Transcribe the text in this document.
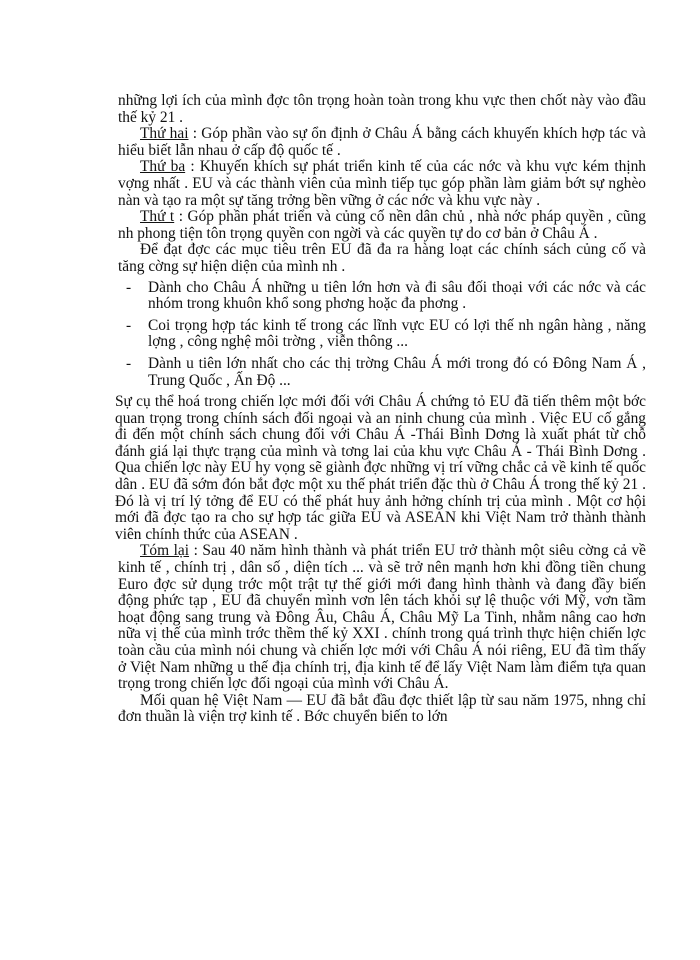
những lợi ích của mình đợc tôn trọng hoàn toàn trong khu vực then chốt này vào đầu thế kỷ 21 .

Thứ hai : Góp phần vào sự ổn định ở Châu Á bằng cách khuyến khích hợp tác và hiểu biết lẫn nhau ở cấp độ quốc tế .

Thứ ba : Khuyến khích sự phát triển kinh tế của các nớc và khu vực kém thịnh vợng nhất . EU và các thành viên của mình tiếp tục góp phần làm giảm bớt sự nghèo nàn và tạo ra một sự tăng trởng bền vững ở các nớc và khu vực này .

Thứ t : Góp phần phát triển và củng cố nền dân chủ , nhà nớc pháp quyền , cũng nh phong tiện tôn trọng quyền con ngời và các quyền tự do cơ bản ở Châu Á .

Để đạt đợc các mục tiêu trên EU đã đa ra hàng loạt các chính sách củng cố và tăng cờng sự hiện diện của mình nh .

- Dành cho Châu Á những u tiên lớn hơn và đi sâu đối thoại với các nớc và các nhóm trong khuôn khổ song phơng hoặc đa phơng .
- Coi trọng hợp tác kinh tế trong các lĩnh vực EU có lợi thế nh ngân hàng , năng lợng , công nghệ môi trờng , viễn thông ...
- Dành u tiên lớn nhất cho các thị trờng Châu Á mới trong đó có Đông Nam Á , Trung Quốc , Ấn Độ ...

Sự cụ thể hoá trong chiến lợc mới đối với Châu Á chứng tỏ EU đã tiến thêm một bớc quan trọng trong chính sách đối ngoại và an ninh chung của mình . Việc EU cố gắng đi đến một chính sách chung đối với Châu Á -Thái Bình Dơng là xuất phát từ chỗ đánh giá lại thực trạng của mình và tơng lai của khu vực Châu Á - Thái Bình Dơng . Qua chiến lợc này EU hy vọng sẽ giành đợc những vị trí vững chắc cả về kinh tế quốc dân . EU đã sớm đón bắt đợc một xu thế phát triển đặc thù ở Châu Á trong thế kỷ 21 . Đó là vị trí lý tởng để EU có thể phát huy ảnh hởng chính trị của mình . Một cơ hội mới đã đợc tạo ra cho sự hợp tác giữa EU và ASEAN khi Việt Nam trở thành thành viên chính thức của ASEAN .

Tóm lại : Sau 40 năm hình thành và phát triển EU trở thành một siêu cờng cả về kinh tế , chính trị , dân số , diện tích ... và sẽ trở nên mạnh hơn khi đồng tiền chung Euro đợc sử dụng trớc một trật tự thế giới mới đang hình thành và đang đầy biến động phức tạp , EU đã chuyển mình vơn lên tách khỏi sự lệ thuộc với Mỹ, vơn tầm hoạt động sang trung và Đông Âu, Châu Á, Châu Mỹ La Tinh, nhằm nâng cao hơn nữa vị thế của mình trớc thềm thế kỷ XXI . chính trong quá trình thực hiện chiến lợc toàn cầu của mình nói chung và chiến lợc mới với Châu Á nói riêng, EU đã tìm thấy ở Việt Nam những u thế địa chính trị, địa kinh tế để lấy Việt Nam làm điểm tựa quan trọng trong chiến lợc đối ngoại của mình với Châu Á.

Mối quan hệ Việt Nam — EU đã bắt đầu đợc thiết lập từ sau năm 1975, nhng chỉ đơn thuần là viện trợ kinh tế . Bớc chuyển biến to lớn
